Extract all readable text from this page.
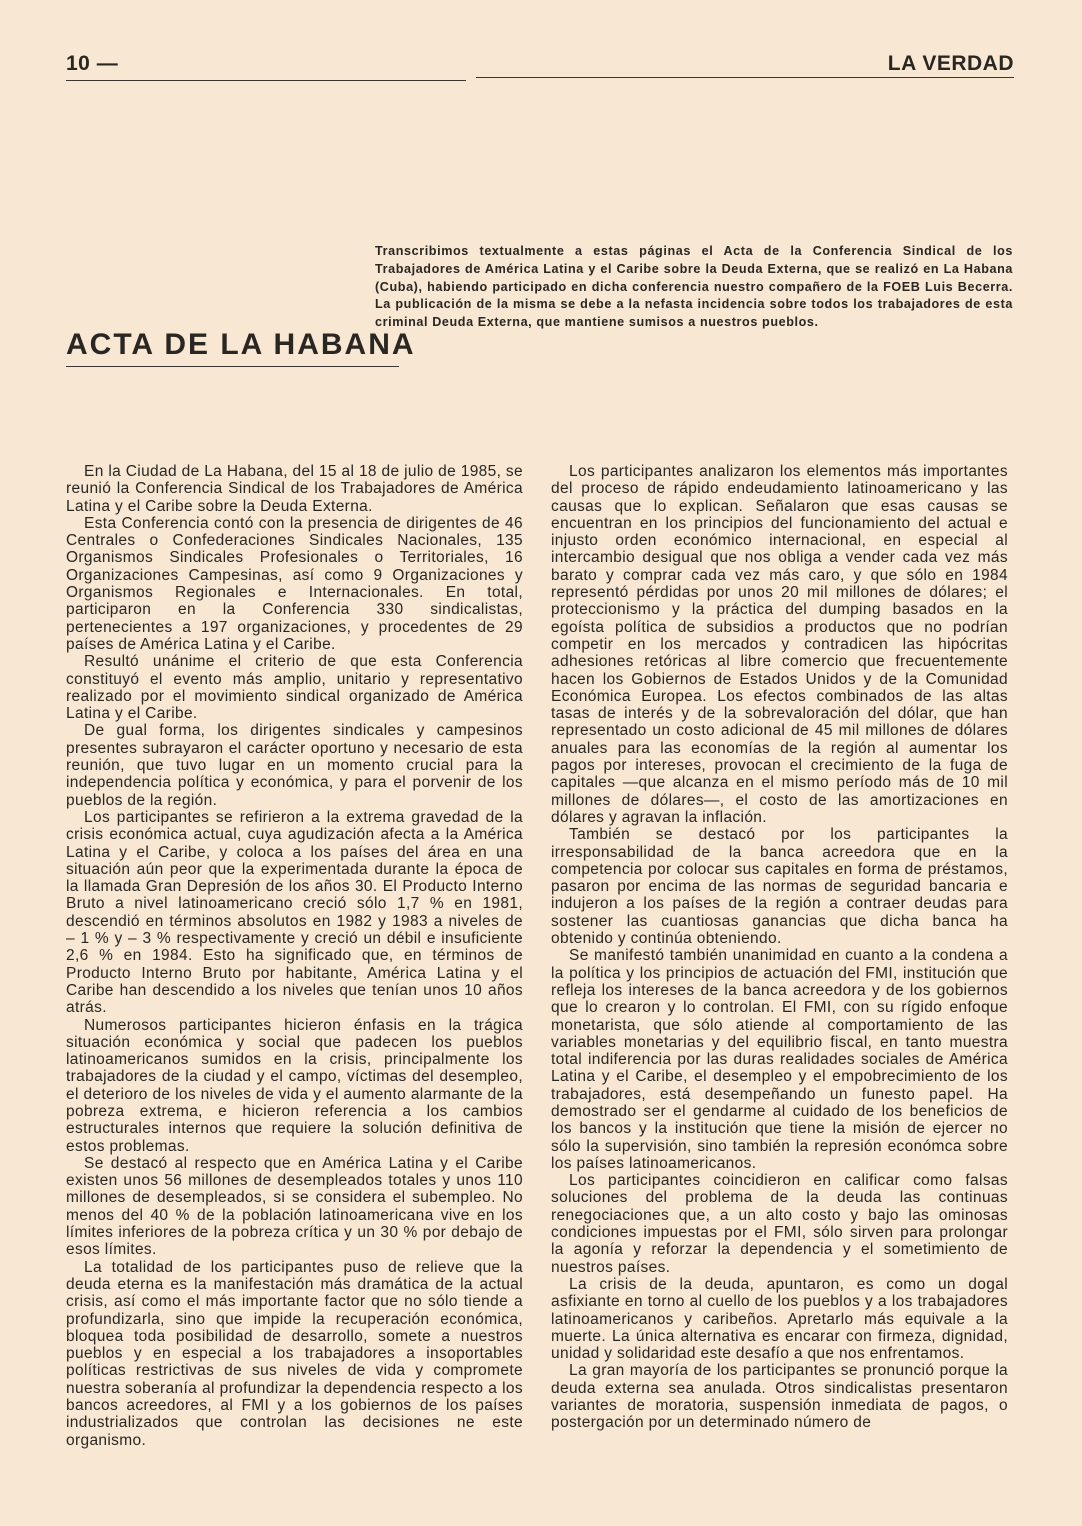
10 —	LA VERDAD
Transcribimos textualmente a estas páginas el Acta de la Conferencia Sindical de los Trabajadores de América Latina y el Caribe sobre la Deuda Externa, que se realizó en La Habana (Cuba), habiendo participado en dicha conferencia nuestro compañero de la FOEB Luis Becerra. La publicación de la misma se debe a la nefasta incidencia sobre todos los trabajadores de esta criminal Deuda Externa, que mantiene sumisos a nuestros pueblos.
ACTA DE LA HABANA

En la Ciudad de La Habana, del 15 al 18 de julio de 1985, se reunió la Conferencia Sindical de los Trabajadores de América Latina y el Caribe sobre la Deuda Externa.

Esta Conferencia contó con la presencia de dirigentes de 46 Centrales o Confederaciones Sindicales Nacionales, 135 Organismos Sindicales Profesionales o Territoriales, 16 Organizaciones Campesinas, así como 9 Organizaciones y Organismos Regionales e Internacionales. En total, participaron en la Conferencia 330 sindicalistas, pertenecientes a 197 organizaciones, y procedentes de 29 países de América Latina y el Caribe.

Resultó unánime el criterio de que esta Conferencia constituyó el evento más amplio, unitario y representativo realizado por el movimiento sindical organizado de América Latina y el Caribe.

De gual forma, los dirigentes sindicales y campesinos presentes subrayaron el carácter oportuno y necesario de esta reunión, que tuvo lugar en un momento crucial para la independencia política y económica, y para el porvenir de los pueblos de la región.

Los participantes se refirieron a la extrema gravedad de la crisis económica actual, cuya agudización afecta a la América Latina y el Caribe, y coloca a los países del área en una situación aún peor que la experimentada durante la época de la llamada Gran Depresión de los años 30. El Producto Interno Bruto a nivel latinoamericano creció sólo 1,7 % en 1981, descendió en términos absolutos en 1982 y 1983 a niveles de – 1 % y – 3 % respectivamente y creció un débil e insuficiente 2,6 % en 1984. Esto ha significado que, en términos de Producto Interno Bruto por habitante, América Latina y el Caribe han descendido a los niveles que tenían unos 10 años atrás.

Numerosos participantes hicieron énfasis en la trágica situación económica y social que padecen los pueblos latinoamericanos sumidos en la crisis, principalmente los trabajadores de la ciudad y el campo, víctimas del desempleo, el deterioro de los niveles de vida y el aumento alarmante de la pobreza extrema, e hicieron referencia a los cambios estructurales internos que requiere la solución definitiva de estos problemas.

Se destacó al respecto que en América Latina y el Caribe existen unos 56 millones de desempleados totales y unos 110 millones de desempleados, si se considera el subempleo. No menos del 40 % de la población latinoamericana vive en los límites inferiores de la pobreza crítica y un 30 % por debajo de esos límites.

La totalidad de los participantes puso de relieve que la deuda eterna es la manifestación más dramática de la actual crisis, así como el más importante factor que no sólo tiende a profundizarla, sino que impide la recuperación económica, bloquea toda posibilidad de desarrollo, somete a nuestros pueblos y en especial a los trabajadores a insoportables políticas restrictivas de sus niveles de vida y compromete nuestra soberanía al profundizar la dependencia respecto a los bancos acreedores, al FMI y a los gobiernos de los países industrializados que controlan las decisiones ne este organismo.

Los participantes analizaron los elementos más importantes del proceso de rápido endeudamiento latinoamericano y las causas que lo explican. Señalaron que esas causas se encuentran en los principios del funcionamiento del actual e injusto orden económico internacional, en especial al intercambio desigual que nos obliga a vender cada vez más barato y comprar cada vez más caro, y que sólo en 1984 representó pérdidas por unos 20 mil millones de dólares; el proteccionismo y la práctica del dumping basados en la egoísta política de subsidios a productos que no podrían competir en los mercados y contradicen las hipócritas adhesiones retóricas al libre comercio que frecuentemente hacen los Gobiernos de Estados Unidos y de la Comunidad Económica Europea. Los efectos combinados de las altas tasas de interés y de la sobrevaloración del dólar, que han representado un costo adicional de 45 mil millones de dólares anuales para las economías de la región al aumentar los pagos por intereses, provocan el crecimiento de la fuga de capitales —que alcanza en el mismo período más de 10 mil millones de dólares—, el costo de las amortizaciones en dólares y agravan la inflación.

También se destacó por los participantes la irresponsabilidad de la banca acreedora que en la competencia por colocar sus capitales en forma de préstamos, pasaron por encima de las normas de seguridad bancaria e indujeron a los países de la región a contraer deudas para sostener las cuantiosas ganancias que dicha banca ha obtenido y continúa obteniendo.

Se manifestó también unanimidad en cuanto a la condena a la política y los principios de actuación del FMI, institución que refleja los intereses de la banca acreedora y de los gobiernos que lo crearon y lo controlan. El FMI, con su rígido enfoque monetarista, que sólo atiende al comportamiento de las variables monetarias y del equilibrio fiscal, en tanto muestra total indiferencia por las duras realidades sociales de América Latina y el Caribe, el desempleo y el empobrecimiento de los trabajadores, está desempeñando un funesto papel. Ha demostrado ser el gendarme al cuidado de los beneficios de los bancos y la institución que tiene la misión de ejercer no sólo la supervisión, sino también la represión económca sobre los países latinoamericanos.

Los participantes coincidieron en calificar como falsas soluciones del problema de la deuda las continuas renegociaciones que, a un alto costo y bajo las ominosas condiciones impuestas por el FMI, sólo sirven para prolongar la agonía y reforzar la dependencia y el sometimiento de nuestros países.

La crisis de la deuda, apuntaron, es como un dogal asfixiante en torno al cuello de los pueblos y a los trabajadores latinoamericanos y caribeños. Apretarlo más equivale a la muerte. La única alternativa es encarar con firmeza, dignidad, unidad y solidaridad este desafío a que nos enfrentamos.

La gran mayoría de los participantes se pronunció porque la deuda externa sea anulada. Otros sindicalistas presentaron variantes de moratoria, suspensión inmediata de pagos, o postergación por un determinado número de
